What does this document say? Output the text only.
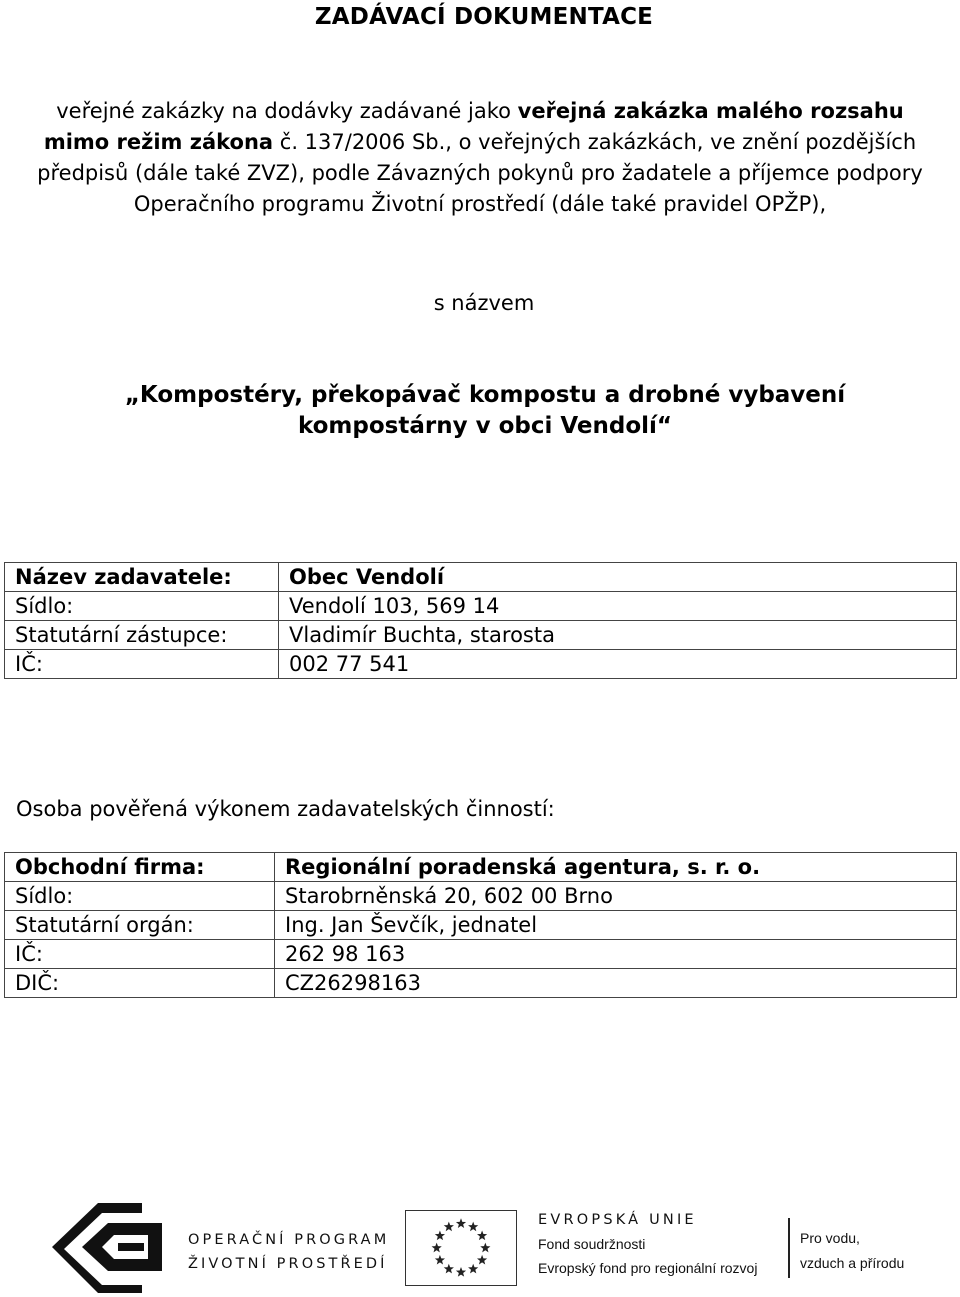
ZADÁVACÍ DOKUMENTACE
veřejné zakázky na dodávky zadávané jako veřejná zakázka malého rozsahu mimo režim zákona č. 137/2006 Sb., o veřejných zakázkách, ve znění pozdějších předpisů (dále také ZVZ), podle Závazných pokynů pro žadatele a příjemce podpory Operačního programu Životní prostředí (dále také pravidel OPŽP),
s názvem
„Kompostéry, překopávač kompostu a drobné vybavení kompostárny v obci Vendolí“
Název zadavatele:	Obec Vendolí
Sídlo:	Vendolí 103, 569 14
Statutární zástupce:	Vladimír Buchta, starosta
IČ:	002 77 541
Osoba pověřená výkonem zadavatelských činností:
Obchodní firma:	Regionální poradenská agentura, s. r. o.
Sídlo:	Starobrněnská 20, 602 00 Brno
Statutární orgán:	Ing. Jan Ševčík, jednatel
IČ:	262 98 163
DIČ:	CZ26298163
OPERAČNÍ PROGRAM
ŽIVOTNÍ PROSTŘEDÍ
EVROPSKÁ UNIE
Fond soudržnosti
Evropský fond pro regionální rozvoj
Pro vodu,
vzduch a přírodu
